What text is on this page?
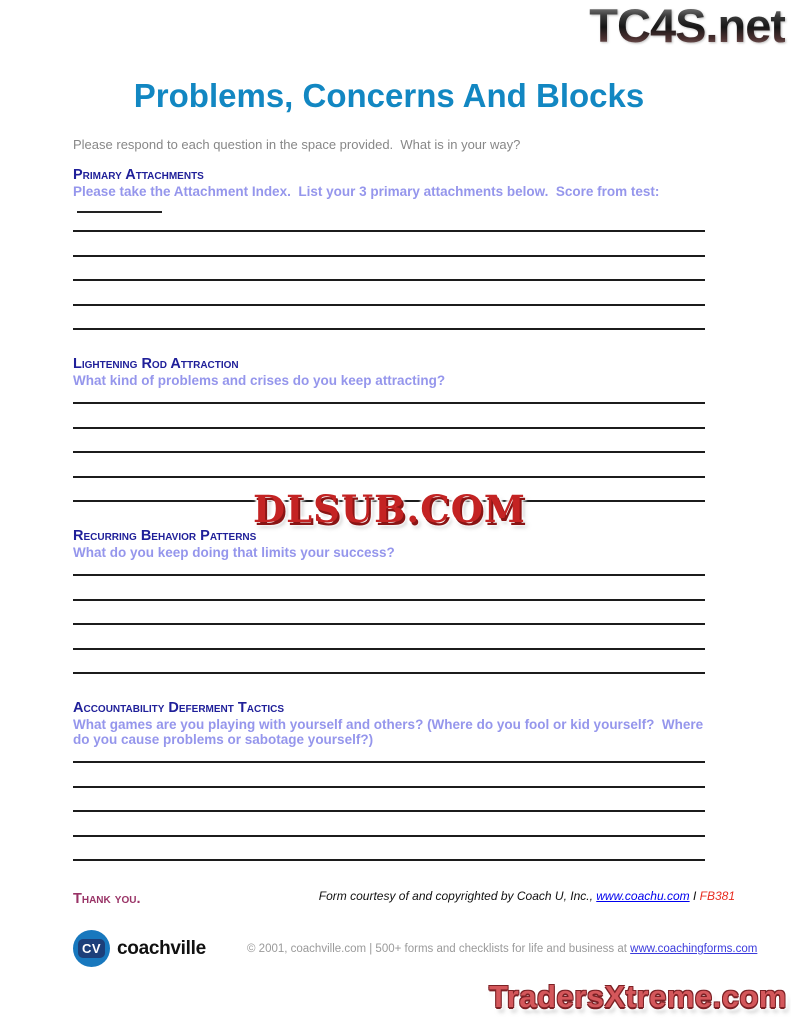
TC4S.net
Problems, Concerns And Blocks
Please respond to each question in the space provided.  What is in your way?
Primary Attachments
Please take the Attachment Index.  List your 3 primary attachments below.  Score from test:
Lightening Rod Attraction
What kind of problems and crises do you keep attracting?
Recurring Behavior Patterns
What do you keep doing that limits your success?
Accountability Deferment Tactics
What games are you playing with yourself and others? (Where do you fool or kid yourself?  Where do you cause problems or sabotage yourself?)
Thank you.
DLSUB.COM
Form courtesy of and copyrighted by Coach U, Inc., www.coachu.com I FB381
CV coachville	© 2001, coachville.com | 500+ forms and checklists for life and business at www.coachingforms.com
TradersXtreme.com
